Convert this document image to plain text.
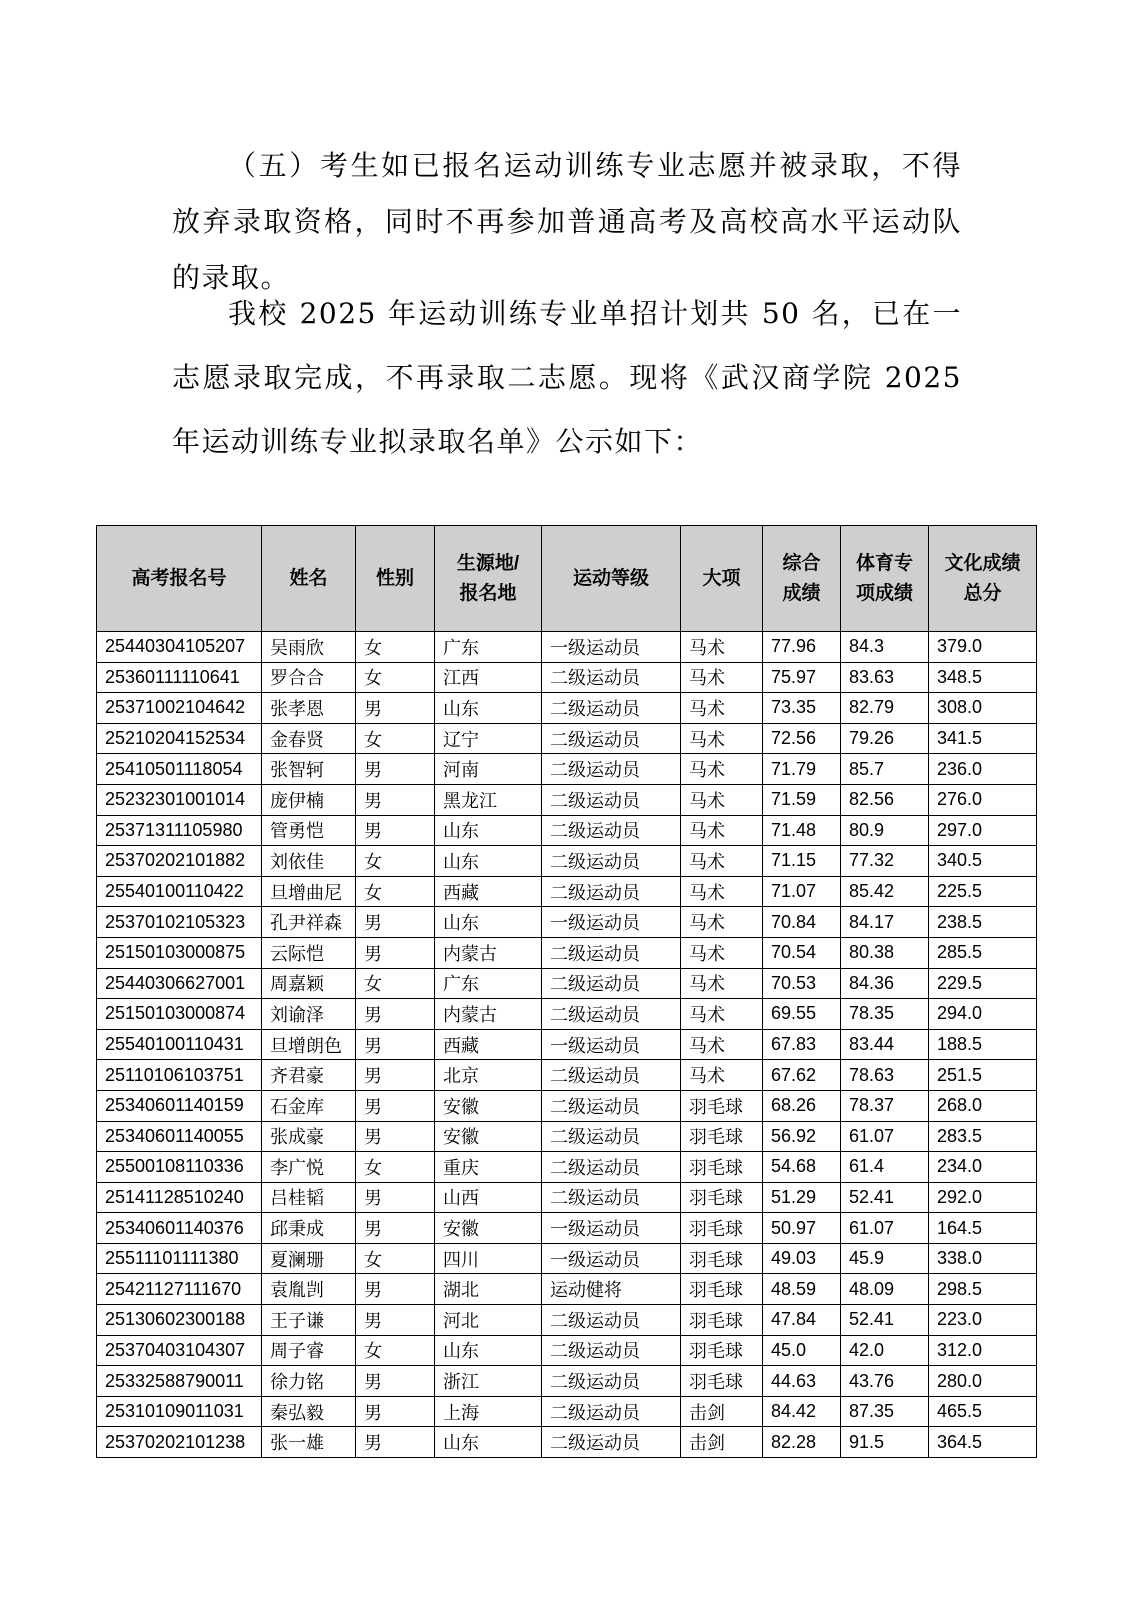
（五）考生如已报名运动训练专业志愿并被录取，不得放弃录取资格，同时不再参加普通高考及高校高水平运动队的录取。

我校 2025 年运动训练专业单招计划共 50 名，已在一志愿录取完成，不再录取二志愿。现将《武汉商学院 2025 年运动训练专业拟录取名单》公示如下：

高考报名号	姓名	性别	生源地/报名地	运动等级	大项	综合成绩	体育专项成绩	文化成绩总分
25440304105207	吴雨欣	女	广东	一级运动员	马术	77.96	84.3	379.0
25360111110641	罗合合	女	江西	二级运动员	马术	75.97	83.63	348.5
25371002104642	张孝恩	男	山东	二级运动员	马术	73.35	82.79	308.0
25210204152534	金春贤	女	辽宁	二级运动员	马术	72.56	79.26	341.5
25410501118054	张智轲	男	河南	二级运动员	马术	71.79	85.7	236.0
25232301001014	庞伊楠	男	黑龙江	二级运动员	马术	71.59	82.56	276.0
25371311105980	管勇恺	男	山东	二级运动员	马术	71.48	80.9	297.0
25370202101882	刘依佳	女	山东	二级运动员	马术	71.15	77.32	340.5
25540100110422	旦增曲尼	女	西藏	二级运动员	马术	71.07	85.42	225.5
25370102105323	孔尹祥森	男	山东	一级运动员	马术	70.84	84.17	238.5
25150103000875	云际恺	男	内蒙古	二级运动员	马术	70.54	80.38	285.5
25440306627001	周嘉颖	女	广东	二级运动员	马术	70.53	84.36	229.5
25150103000874	刘谕泽	男	内蒙古	二级运动员	马术	69.55	78.35	294.0
25540100110431	旦增朗色	男	西藏	一级运动员	马术	67.83	83.44	188.5
25110106103751	齐君豪	男	北京	二级运动员	马术	67.62	78.63	251.5
25340601140159	石金库	男	安徽	二级运动员	羽毛球	68.26	78.37	268.0
25340601140055	张成豪	男	安徽	二级运动员	羽毛球	56.92	61.07	283.5
25500108110336	李广悦	女	重庆	二级运动员	羽毛球	54.68	61.4	234.0
25141128510240	吕桂韬	男	山西	二级运动员	羽毛球	51.29	52.41	292.0
25340601140376	邱秉成	男	安徽	一级运动员	羽毛球	50.97	61.07	164.5
25511101111380	夏澜珊	女	四川	一级运动员	羽毛球	49.03	45.9	338.0
25421127111670	袁胤剀	男	湖北	运动健将	羽毛球	48.59	48.09	298.5
25130602300188	王子谦	男	河北	二级运动员	羽毛球	47.84	52.41	223.0
25370403104307	周子睿	女	山东	二级运动员	羽毛球	45.0	42.0	312.0
25332588790011	徐力铭	男	浙江	二级运动员	羽毛球	44.63	43.76	280.0
25310109011031	秦弘毅	男	上海	二级运动员	击剑	84.42	87.35	465.5
25370202101238	张一雄	男	山东	二级运动员	击剑	82.28	91.5	364.5
